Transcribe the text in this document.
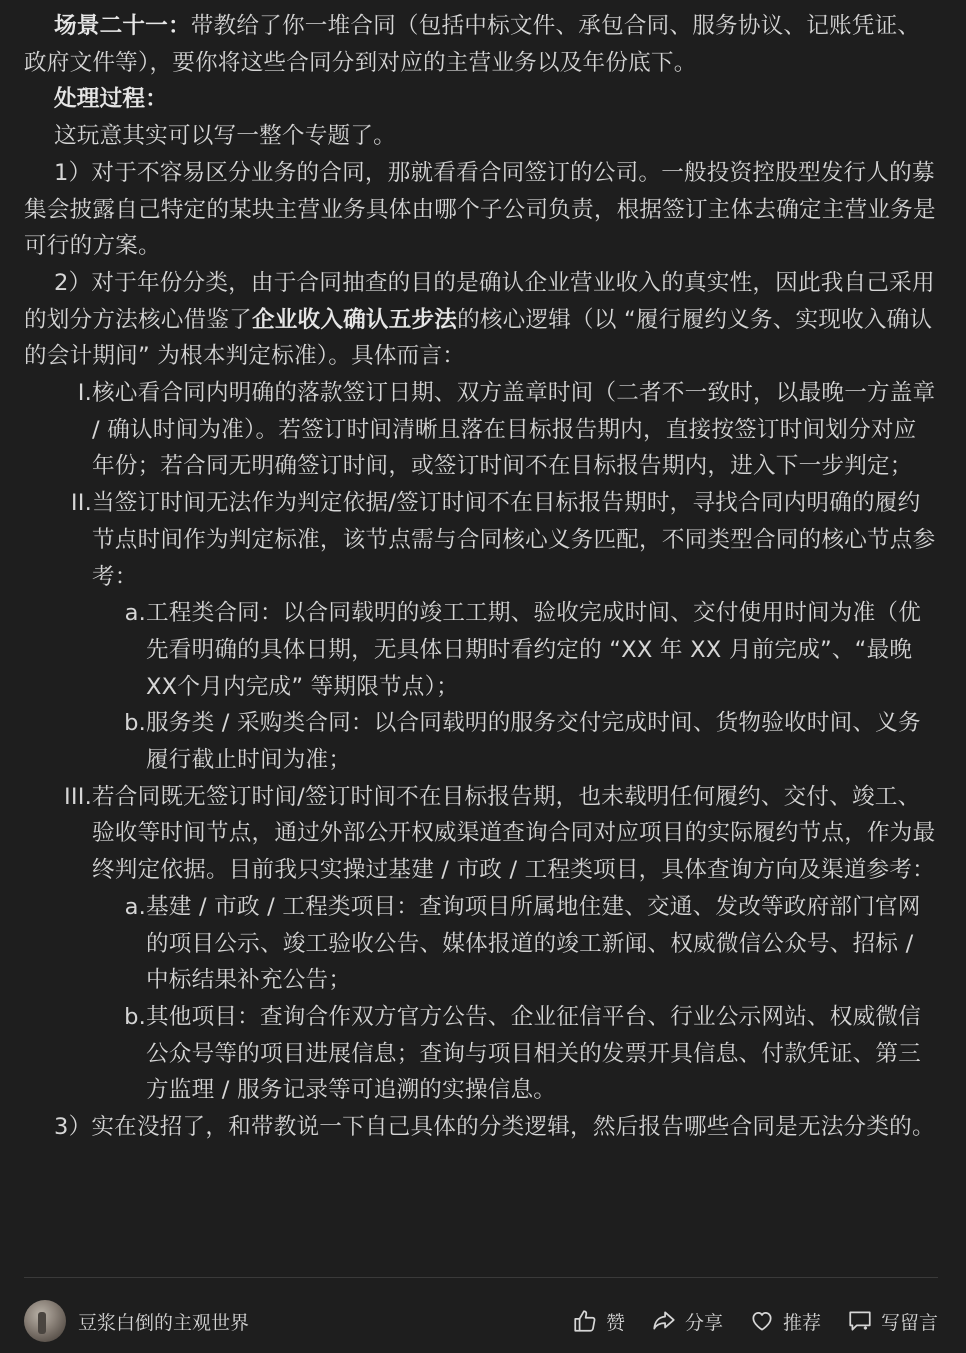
场景二十一：带教给了你一堆合同（包括中标文件、承包合同、服务协议、记账凭证、政府文件等），要你将这些合同分到对应的主营业务以及年份底下。

处理过程：

这玩意其实可以写一整个专题了。

1）对于不容易区分业务的合同，那就看看合同签订的公司。一般投资控股型发行人的募集会披露自己特定的某块主营业务具体由哪个子公司负责，根据签订主体去确定主营业务是可行的方案。

2）对于年份分类，由于合同抽查的目的是确认企业营业收入的真实性，因此我自己采用的划分方法核心借鉴了企业收入确认五步法的核心逻辑（以 “履行履约义务、实现收入确认的会计期间” 为根本判定标准）。具体而言：

I. 核心看合同内明确的落款签订日期、双方盖章时间（二者不一致时，以最晚一方盖章 / 确认时间为准）。若签订时间清晰且落在目标报告期内，直接按签订时间划分对应年份；若合同无明确签订时间，或签订时间不在目标报告期内，进入下一步判定；
II. 当签订时间无法作为判定依据/签订时间不在目标报告期时，寻找合同内明确的履约节点时间作为判定标准，该节点需与合同核心义务匹配，不同类型合同的核心节点参考：
a. 工程类合同：以合同载明的竣工工期、验收完成时间、交付使用时间为准（优先看明确的具体日期，无具体日期时看约定的 “XX 年 XX 月前完成”、“最晚XX个月内完成” 等期限节点）；
b. 服务类 / 采购类合同：以合同载明的服务交付完成时间、货物验收时间、义务履行截止时间为准；
III. 若合同既无签订时间/签订时间不在目标报告期，也未载明任何履约、交付、竣工、验收等时间节点，通过外部公开权威渠道查询合同对应项目的实际履约节点，作为最终判定依据。目前我只实操过基建 / 市政 / 工程类项目，具体查询方向及渠道参考：
a. 基建 / 市政 / 工程类项目：查询项目所属地住建、交通、发改等政府部门官网的项目公示、竣工验收公告、媒体报道的竣工新闻、权威微信公众号、招标 / 中标结果补充公告；
b. 其他项目：查询合作双方官方公告、企业征信平台、行业公示网站、权威微信公众号等的项目进展信息；查询与项目相关的发票开具信息、付款凭证、第三方监理 / 服务记录等可追溯的实操信息。

3）实在没招了，和带教说一下自己具体的分类逻辑，然后报告哪些合同是无法分类的。

豆浆白倒的主观世界	赞	分享	推荐	写留言
